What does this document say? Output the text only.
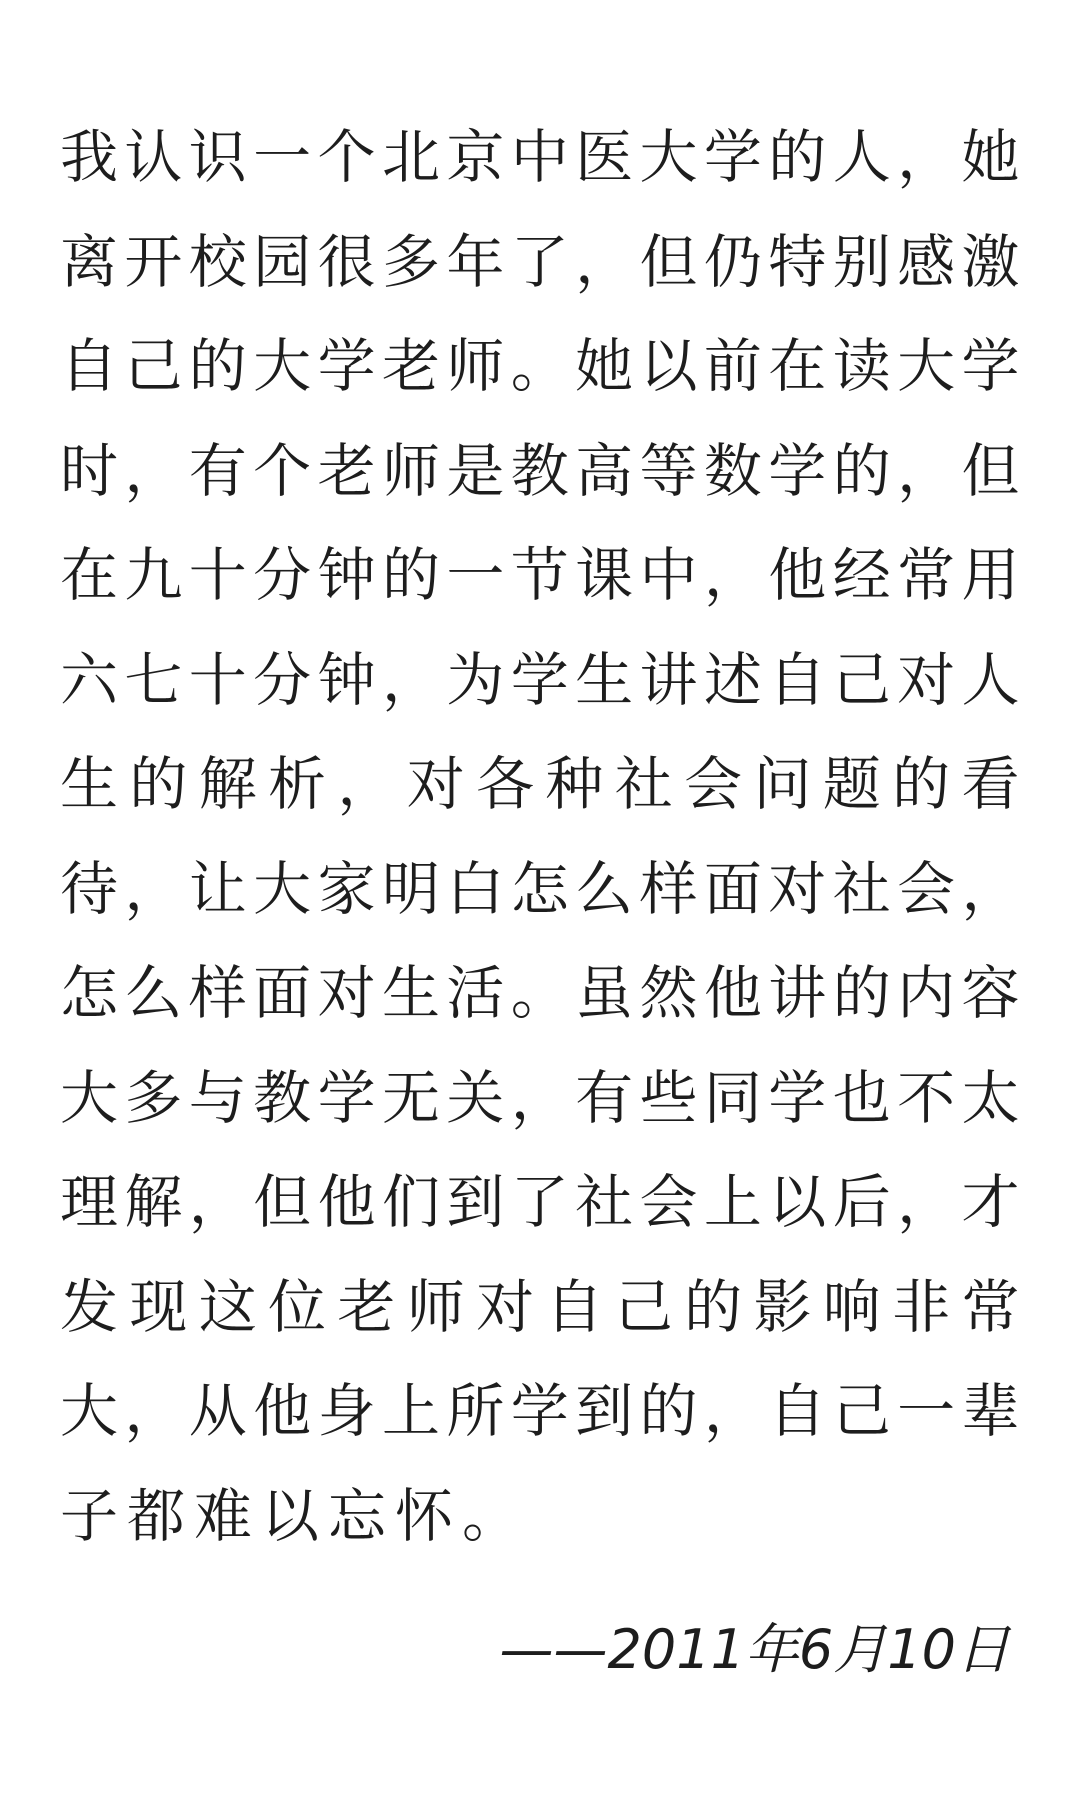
我认识一个北京中医大学的人，她
离开校园很多年了，但仍特别感激
自己的大学老师。她以前在读大学
时，有个老师是教高等数学的，但
在九十分钟的一节课中，他经常用
六七十分钟，为学生讲述自己对人
生的解析，对各种社会问题的看
待，让大家明白怎么样面对社会，
怎么样面对生活。虽然他讲的内容
大多与教学无关，有些同学也不太
理解，但他们到了社会上以后，才
发现这位老师对自己的影响非常
大，从他身上所学到的，自己一辈
子都难以忘怀。
——2011年6月10日
